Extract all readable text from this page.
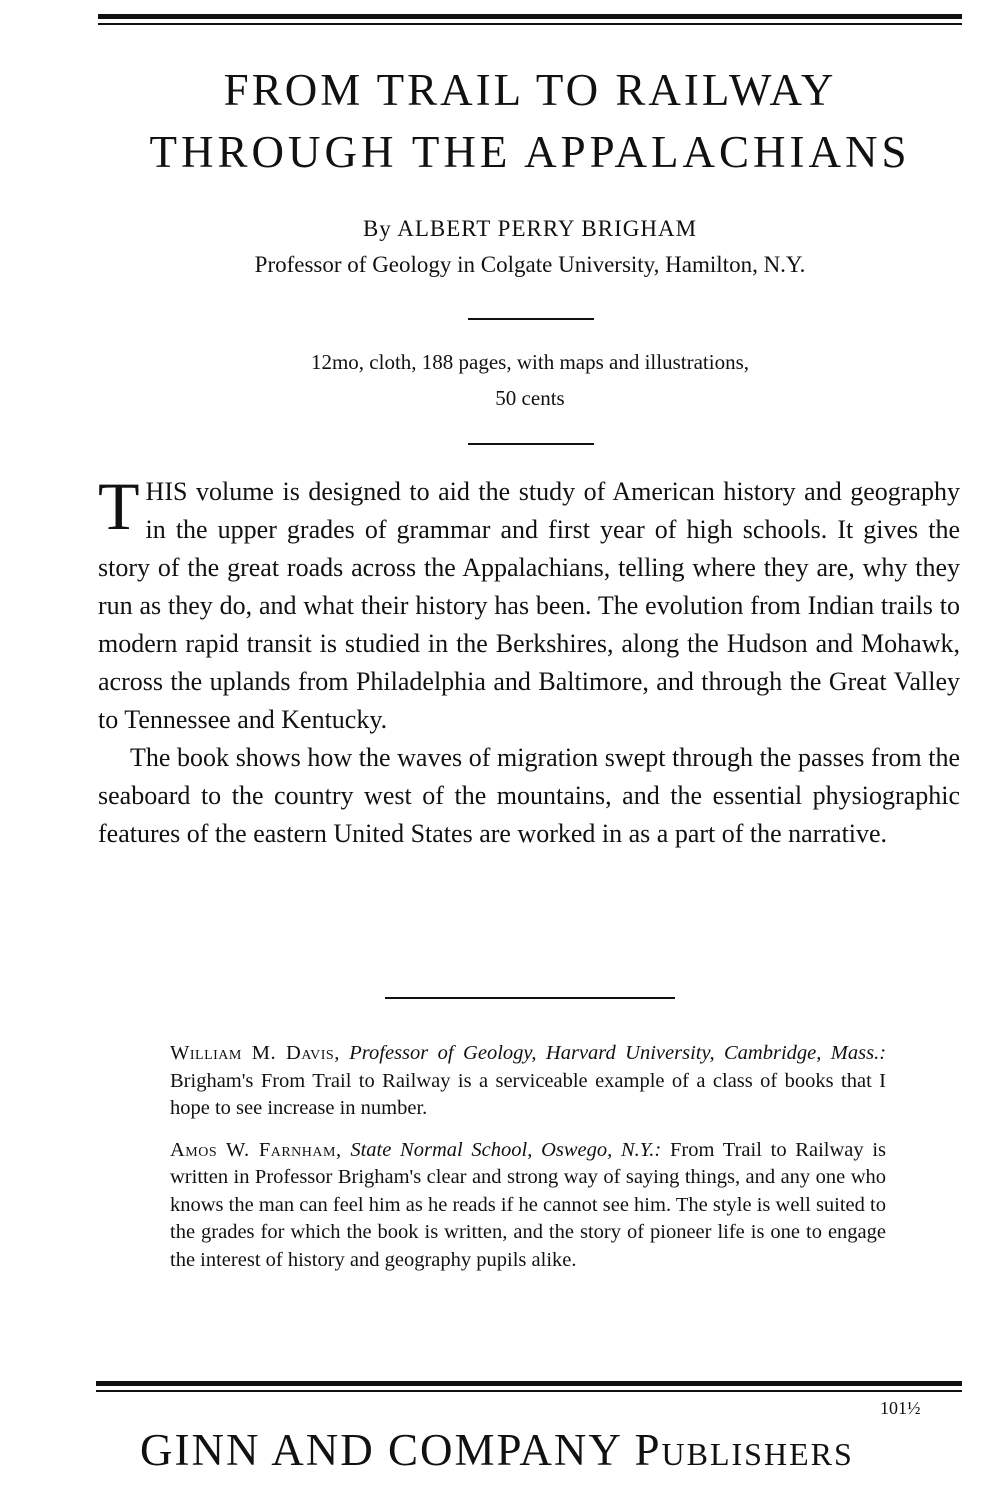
FROM TRAIL TO RAILWAY
THROUGH THE APPALACHIANS
By ALBERT PERRY BRIGHAM
Professor of Geology in Colgate University, Hamilton, N.Y.
12mo, cloth, 188 pages, with maps and illustrations,
50 cents

THIS volume is designed to aid the study of American history and geography in the upper grades of grammar and first year of high schools. It gives the story of the great roads across the Appalachians, telling where they are, why they run as they do, and what their history has been. The evolution from Indian trails to modern rapid transit is studied in the Berkshires, along the Hudson and Mohawk, across the uplands from Philadelphia and Baltimore, and through the Great Valley to Tennessee and Kentucky.

The book shows how the waves of migration swept through the passes from the seaboard to the country west of the mountains, and the essential physiographic features of the eastern United States are worked in as a part of the narrative.

William M. Davis, Professor of Geology, Harvard University, Cambridge, Mass.: Brigham's From Trail to Railway is a serviceable example of a class of books that I hope to see increase in number.

Amos W. Farnham, State Normal School, Oswego, N.Y.: From Trail to Railway is written in Professor Brigham's clear and strong way of saying things, and any one who knows the man can feel him as he reads if he cannot see him. The style is well suited to the grades for which the book is written, and the story of pioneer life is one to engage the interest of history and geography pupils alike.

101½
GINN AND COMPANY PUBLISHERS
